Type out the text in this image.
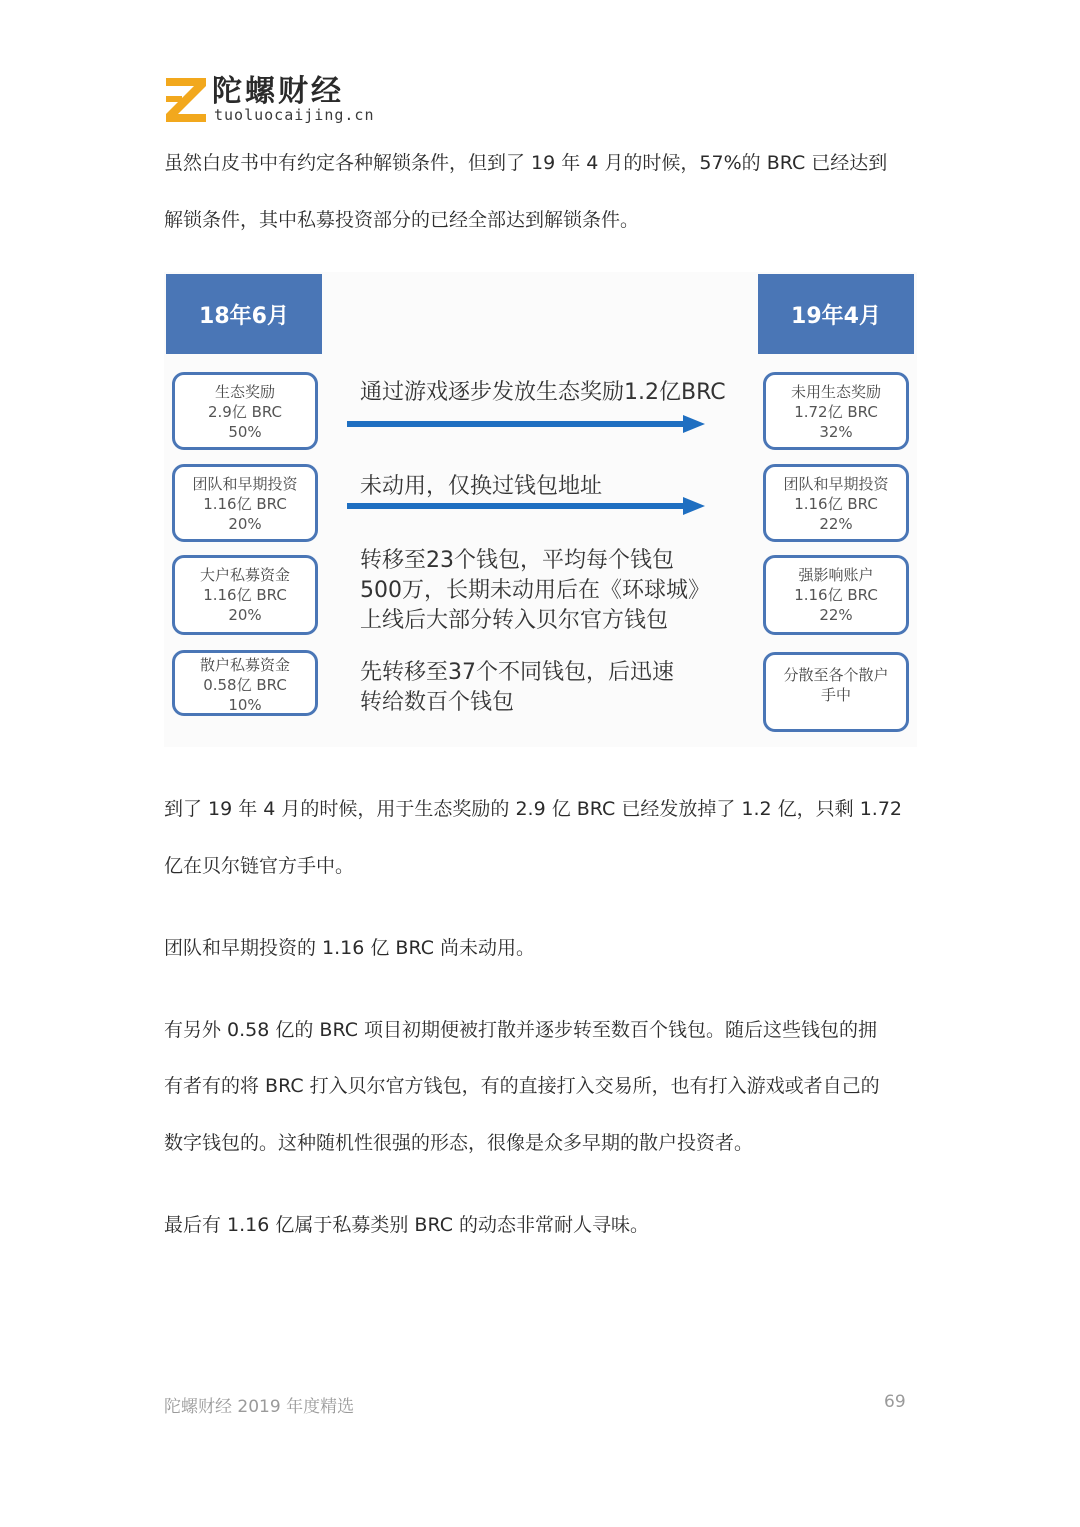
陀螺财经
tuoluocaijing.cn
虽然白皮书中有约定各种解锁条件，但到了 19 年 4 月的时候，57%的 BRC 已经达到
解锁条件，其中私募投资部分的已经全部达到解锁条件。
18年6月	19年4月
生态奖励
2.9亿 BRC
50%
团队和早期投资
1.16亿 BRC
20%
大户私募资金
1.16亿 BRC
20%
散户私募资金
0.58亿 BRC
10%
未用生态奖励
1.72亿 BRC
32%
团队和早期投资
1.16亿 BRC
22%
强影响账户
1.16亿 BRC
22%
分散至各个散户
手中
通过游戏逐步发放生态奖励1.2亿BRC
未动用，仅换过钱包地址
转移至23个钱包，平均每个钱包
500万，长期未动用后在《环球城》
上线后大部分转入贝尔官方钱包
先转移至37个不同钱包，后迅速
转给数百个钱包
到了 19 年 4 月的时候，用于生态奖励的 2.9 亿 BRC 已经发放掉了 1.2 亿，只剩 1.72
亿在贝尔链官方手中。
团队和早期投资的 1.16 亿 BRC 尚未动用。
有另外 0.58 亿的 BRC 项目初期便被打散并逐步转至数百个钱包。随后这些钱包的拥
有者有的将 BRC 打入贝尔官方钱包，有的直接打入交易所，也有打入游戏或者自己的
数字钱包的。这种随机性很强的形态，很像是众多早期的散户投资者。
最后有 1.16 亿属于私募类别 BRC 的动态非常耐人寻味。
陀螺财经 2019 年度精选	69
